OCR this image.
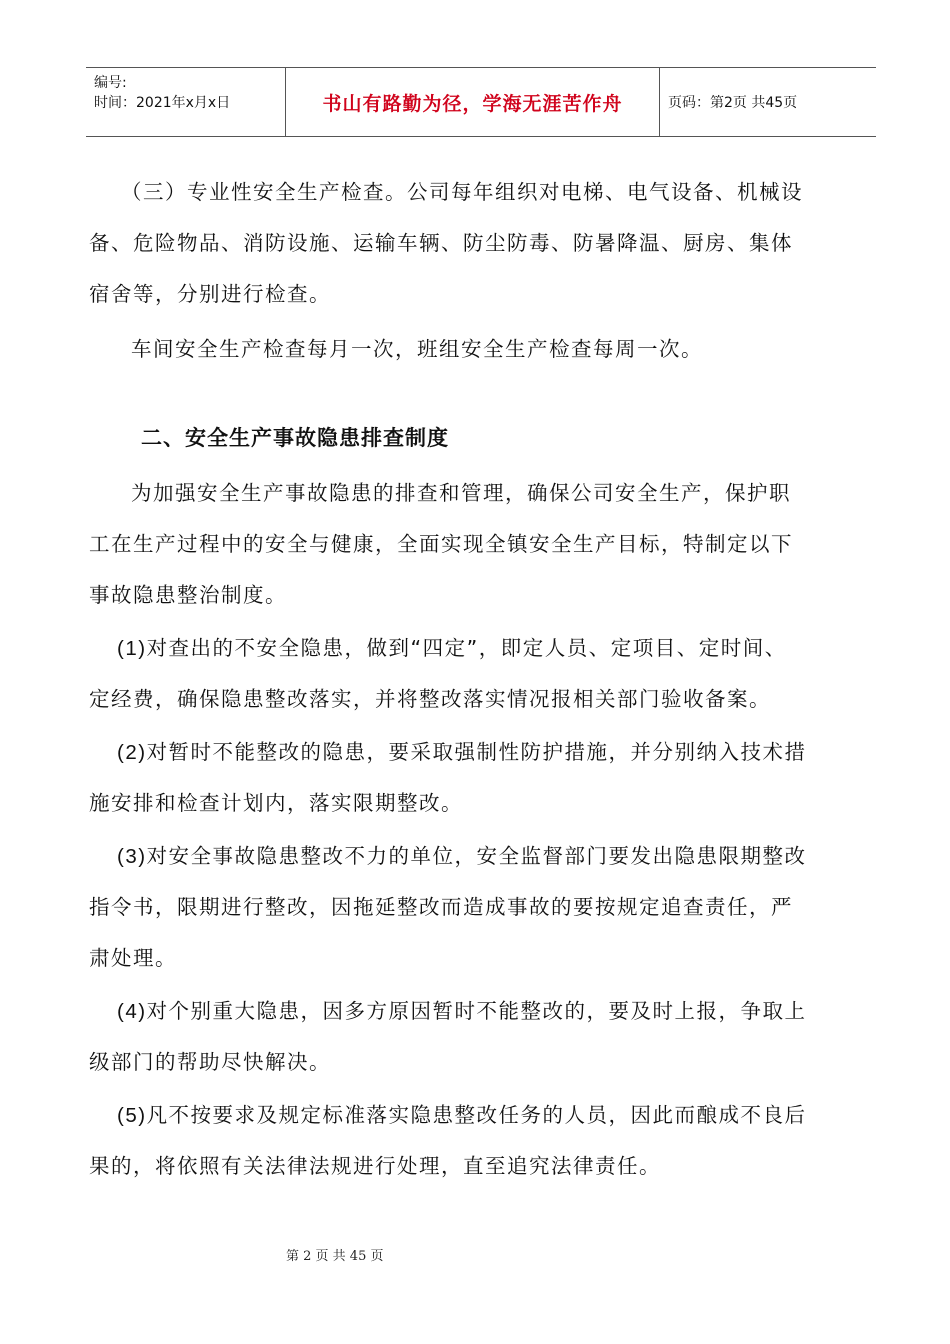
编号:
时间：2021年x月x日	书山有路勤为径，学海无涯苦作舟	页码：第2页 共45页

（三）专业性安全生产检查。公司每年组织对电梯、电气设备、机械设

备、危险物品、消防设施、运输车辆、防尘防毒、防暑降温、厨房、集体

宿舍等，分别进行检查。

车间安全生产检查每月一次，班组安全生产检查每周一次。

二、安全生产事故隐患排查制度

为加强安全生产事故隐患的排查和管理，确保公司安全生产，保护职

工在生产过程中的安全与健康，全面实现全镇安全生产目标，特制定以下

事故隐患整治制度。

(1)对查出的不安全隐患，做到“四定”，即定人员、定项目、定时间、

定经费，确保隐患整改落实，并将整改落实情况报相关部门验收备案。

(2)对暂时不能整改的隐患，要采取强制性防护措施，并分别纳入技术措

施安排和检查计划内，落实限期整改。

(3)对安全事故隐患整改不力的单位，安全监督部门要发出隐患限期整改

指令书，限期进行整改，因拖延整改而造成事故的要按规定追查责任，严

肃处理。

(4)对个别重大隐患，因多方原因暂时不能整改的，要及时上报，争取上

级部门的帮助尽快解决。

(5)凡不按要求及规定标准落实隐患整改任务的人员，因此而酿成不良后

果的，将依照有关法律法规进行处理，直至追究法律责任。

第 2 页 共 45 页
